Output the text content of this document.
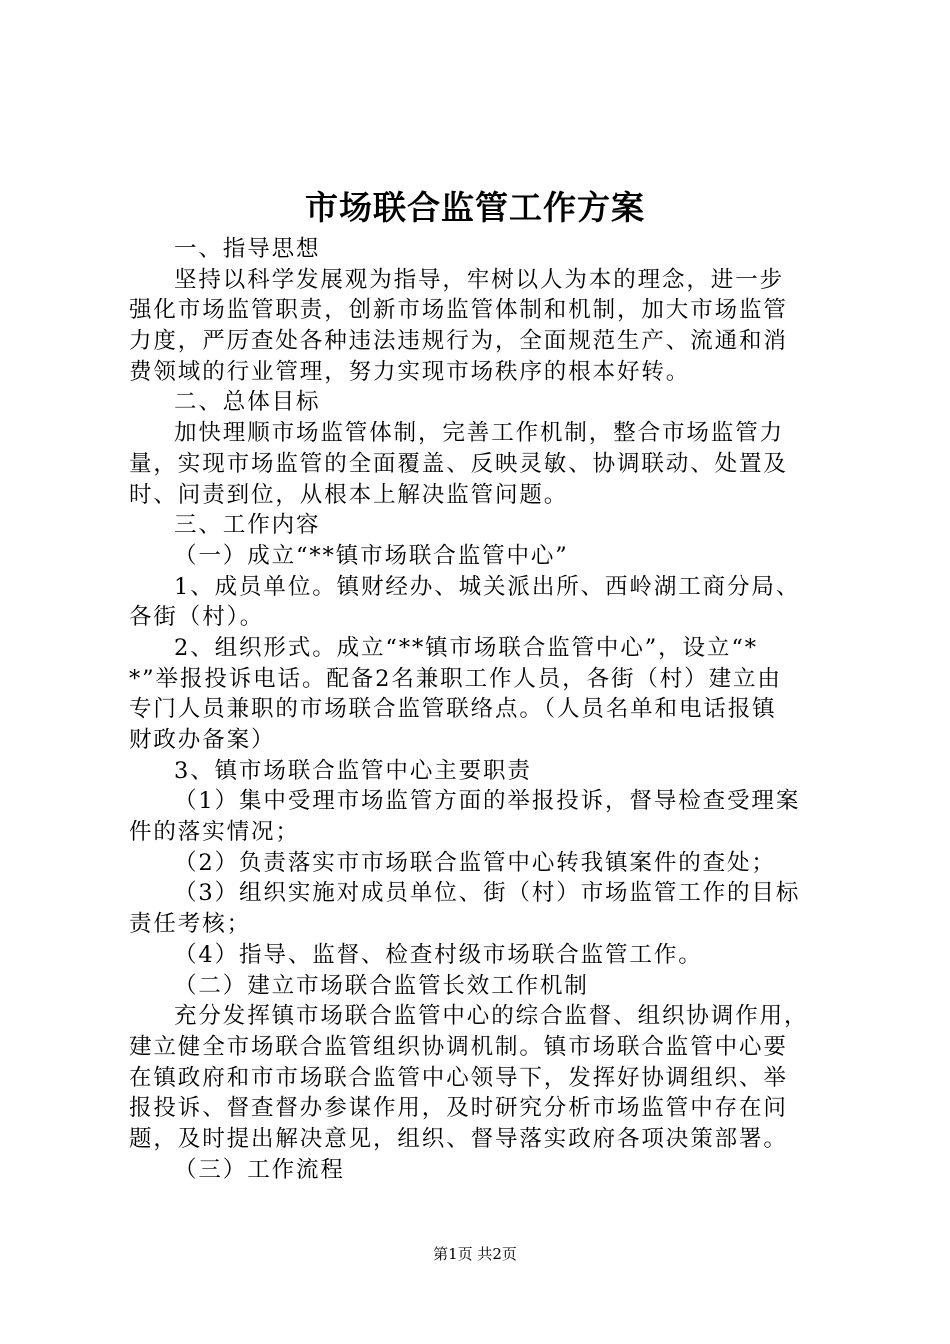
市场联合监管工作方案
一、指导思想
坚持以科学发展观为指导，牢树以人为本的理念，进一步
强化市场监管职责，创新市场监管体制和机制，加大市场监管
力度，严厉查处各种违法违规行为，全面规范生产、流通和消
费领域的行业管理，努力实现市场秩序的根本好转。
二、总体目标
加快理顺市场监管体制，完善工作机制，整合市场监管力
量，实现市场监管的全面覆盖、反映灵敏、协调联动、处置及
时、问责到位，从根本上解决监管问题。
三、工作内容
（一）成立“**镇市场联合监管中心”
1、成员单位。镇财经办、城关派出所、西岭湖工商分局、
各街（村）。
2、组织形式。成立“**镇市场联合监管中心”，设立“*
*”举报投诉电话。配备2名兼职工作人员，各街（村）建立由
专门人员兼职的市场联合监管联络点。（人员名单和电话报镇
财政办备案）
3、镇市场联合监管中心主要职责
（1）集中受理市场监管方面的举报投诉，督导检查受理案
件的落实情况；
（2）负责落实市市场联合监管中心转我镇案件的查处；
（3）组织实施对成员单位、街（村）市场监管工作的目标
责任考核；
（4）指导、监督、检查村级市场联合监管工作。
（二）建立市场联合监管长效工作机制
充分发挥镇市场联合监管中心的综合监督、组织协调作用，
建立健全市场联合监管组织协调机制。镇市场联合监管中心要
在镇政府和市市场联合监管中心领导下，发挥好协调组织、举
报投诉、督查督办参谋作用，及时研究分析市场监管中存在问
题，及时提出解决意见，组织、督导落实政府各项决策部署。
（三）工作流程
第1页 共2页
